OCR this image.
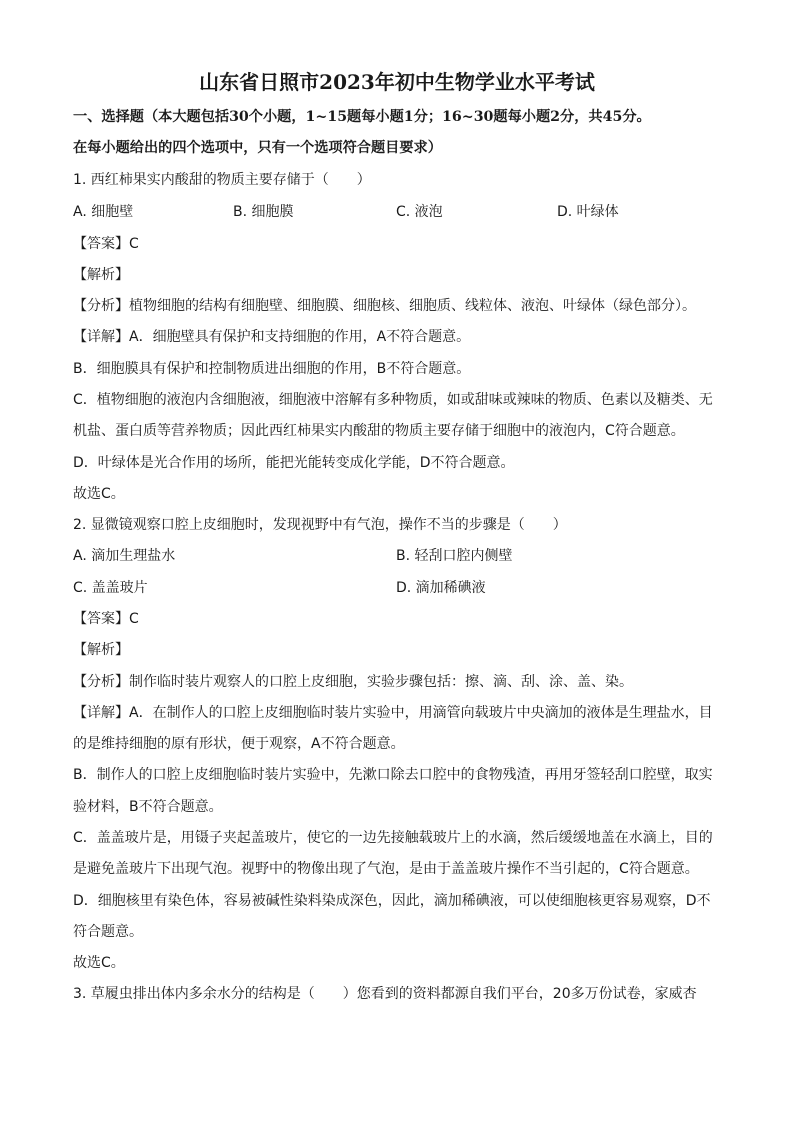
山东省日照市2023年初中生物学业水平考试
一、选择题（本大题包括30个小题，1~15题每小题1分；16~30题每小题2分，共45分。
在每小题给出的四个选项中，只有一个选项符合题目要求）
1. 西红柿果实内酸甜的物质主要存储于（　　）
A. 细胞壁	B. 细胞膜	C. 液泡	D. 叶绿体
【答案】C
【解析】
【分析】植物细胞的结构有细胞壁、细胞膜、细胞核、细胞质、线粒体、液泡、叶绿体（绿色部分）。
【详解】A．细胞壁具有保护和支持细胞的作用，A不符合题意。
B．细胞膜具有保护和控制物质进出细胞的作用，B不符合题意。
C．植物细胞的液泡内含细胞液，细胞液中溶解有多种物质，如或甜味或辣味的物质、色素以及糖类、无
机盐、蛋白质等营养物质；因此西红柿果实内酸甜的物质主要存储于细胞中的液泡内，C符合题意。
D．叶绿体是光合作用的场所，能把光能转变成化学能，D不符合题意。
故选C。
2. 显微镜观察口腔上皮细胞时，发现视野中有气泡，操作不当的步骤是（　　）
A. 滴加生理盐水	B. 轻刮口腔内侧壁
C. 盖盖玻片	D. 滴加稀碘液
【答案】C
【解析】
【分析】制作临时装片观察人的口腔上皮细胞，实验步骤包括：擦、滴、刮、涂、盖、染。
【详解】A．在制作人的口腔上皮细胞临时装片实验中，用滴管向载玻片中央滴加的液体是生理盐水，目
的是维持细胞的原有形状，便于观察，A不符合题意。
B．制作人的口腔上皮细胞临时装片实验中，先漱口除去口腔中的食物残渣，再用牙签轻刮口腔壁，取实
验材料，B不符合题意。
C．盖盖玻片是，用镊子夹起盖玻片，使它的一边先接触载玻片上的水滴，然后缓缓地盖在水滴上，目的
是避免盖玻片下出现气泡。视野中的物像出现了气泡，是由于盖盖玻片操作不当引起的，C符合题意。
D．细胞核里有染色体，容易被碱性染料染成深色，因此，滴加稀碘液，可以使细胞核更容易观察，D不
符合题意。
故选C。
3. 草履虫排出体内多余水分的结构是（　　）您看到的资料都源自我们平台，20多万份试卷，家威杏
